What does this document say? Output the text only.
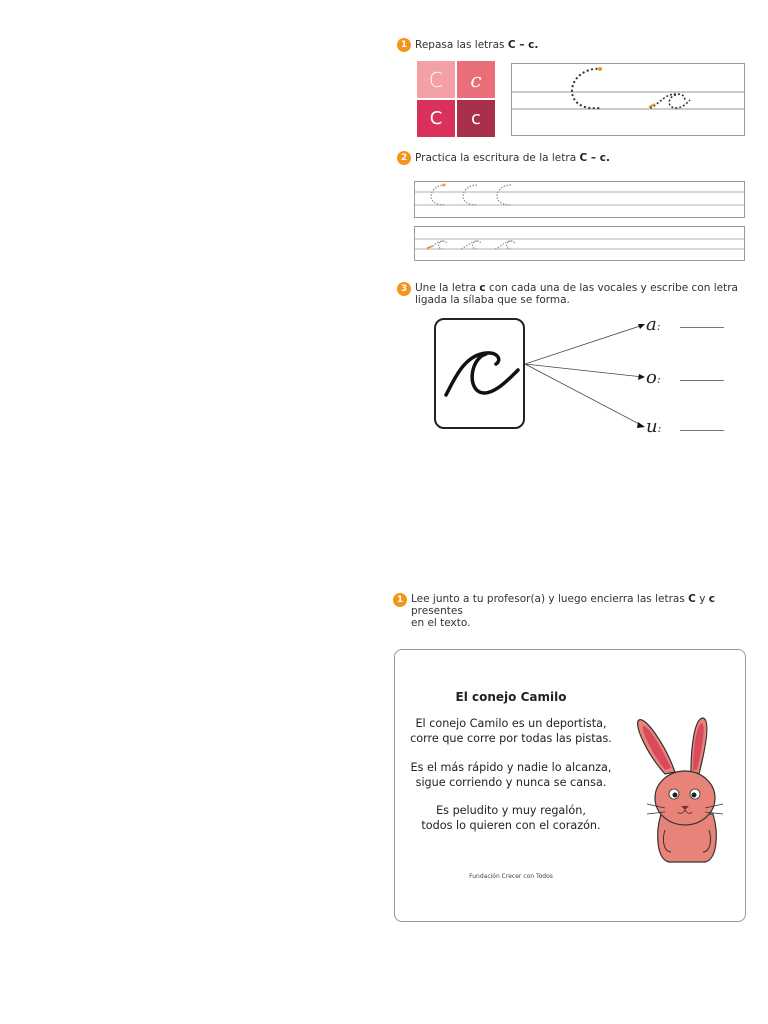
1 Repasa las letras C – c.
C	c
C	c
2 Practica la escritura de la letra C – c.
3 Une la letra c con cada una de las vocales y escribe con letra
ligada la sílaba que se forma.
a:
o:
u:
1 Lee junto a tu profesor(a) y luego encierra las letras C y c presentes
en el texto.
El conejo Camilo
El conejo Camilo es un deportista,
corre que corre por todas las pistas.
Es el más rápido y nadie lo alcanza,
sigue corriendo y nunca se cansa.
Es peludito y muy regalón,
todos lo quieren con el corazón.
Fundación Crecer con Todos
